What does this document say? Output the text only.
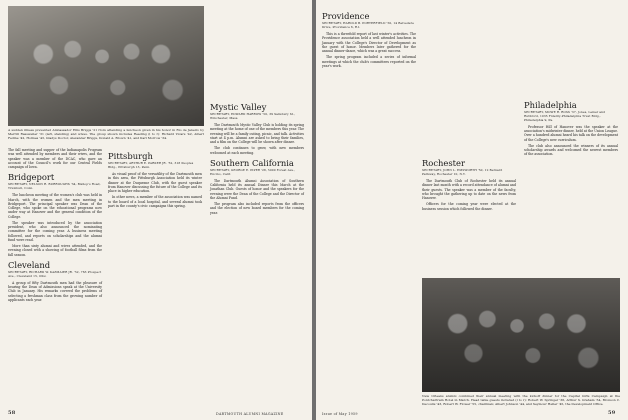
A sudden illness prevented Ambassador Ellis Briggs '21 from attending a luncheon given in his honor in Rio de Janeiro by Merrill Rassweiler '31 (left, standing) and wives. The group shown includes Reading (l to r): Richard Vicars '42, Albert Fedine '42, Holmes '43, Gladys Doctor, Alexander Briggs, Donald A. Brown '41, and Karl Morrow '34.

The fall meeting and supper of the Indianapolis Program was well attended by members and their wives, and the speaker was a member of the DCAC, who gave an account of the Council's work for our Central Fields campaign of Iowa.

Bridgeport
SECRETARY, NELSON R. BURROUGHS '34, Bishop's Road, Trumbull, Conn.

The luncheon meeting of the women's club was held in March, with the women and the men meeting in Bridgeport. The principal speaker was Dean of the College, who spoke on the educational programs now under way at Hanover and the general condition of the College.

The speaker was introduced by the association president, who also announced the nominating committee for the coming year. A business meeting followed, and reports on scholarships and the alumni fund were read.

More than sixty alumni and wives attended, and the evening closed with a showing of football films from the fall season.

Cleveland
SECRETARY, RICHARD W. KAZMAIER JR. '52, 763 Prospect Ave., Cleveland 15, Ohio

A group of fifty Dartmouth men had the pleasure of hearing the Dean of Admissions speak at the University Club in January. His remarks covered the problems of selecting a freshman class from the growing number of applicants each year.

Pittsburgh
SECRETARY, ARTHUR E. PARKER JR. '52, 318 Peoples Bldg., Pittsburgh 13, Penn.

As visual proof of the versatility of the Dartmouth men in this area, the Pittsburgh Association held its winter dinner at the Duquesne Club, with the guest speaker from Hanover discussing the future of the College and its place in higher education.

In other news, a member of the association was named to the board of a local hospital, and several alumni took part in the county's civic campaigns this spring.

Mystic Valley
SECRETARY, EDWARD HARROW '50, 39 Salisbury St., Winchester, Mass.

The Dartmouth Mystic Valley Club is holding its spring meeting at the home of one of the members this year. The evening will be a family outing, picnic, and talk. Activities start at 4 p.m. Alumni are asked to bring their families, and a film on the College will be shown after dinner.

The club continues to grow, with new members welcomed at each meeting.

Southern California
SECRETARY, GEORGE E. PIPER '28, 5000 Forest Ave., Encino, Calif.

The Dartmouth Alumni Association of Southern California held its annual Dinner this March at the Jonathan Club. Guests of honor and the speakers for the evening were the Dean of the College and the Director of the Alumni Fund.

The program also included reports from the officers and the election of new board members for the coming year.

58	DARTMOUTH ALUMNI MAGAZINE
Providence
SECRETARY, HAROLD B. PORTERFIELD '50, 14 Belvedere Drive, Providence 6, R.I.

This is a threefold report of last winter's activities. The Providence association held a well attended luncheon in January with the College's Director of Development as the guest of honor. Members later gathered for the annual dinner-dance, which was a great success.

The spring program included a series of informal meetings at which the club's committees reported on the year's work.

Rochester
SECRETARY, JOHN L. EMSWORTH '50, 12 Bernard Parkway, Rochester 10, N.Y.

The Dartmouth Club of Rochester held its annual dinner last month with a record attendance of alumni and their guests. The speaker was a member of the faculty, who brought the gathering up to date on the news from Hanover.

Officers for the coming year were elected at the business session which followed the dinner.

Philadelphia
SECRETARY, MOWE R. ROSS '37, Jones, Lemer and Ruthford, 1035 Fidelity-Philadelphia Trust Bldg., Philadelphia 9, Pa.

Professor Hill of Hanover was the speaker at the association's midwinter dinner, held at the Union League. Over a hundred alumni heard his talk on the development of the College's new curriculum.

The club also announced the winners of its annual scholarship awards and welcomed the newest members of the association.

New Orleans alumni combined their annual meeting with the kickoff dinner for the Capital Gifts Campaign at the Pontchartrain Hotel in March. Head table guests included (l to r): Robert W. Springer '36, Arthur S. Graham '34, Bronson C. Decoulis '43, Robert W. Flower '55, chairman; Albert Johnson '44, and Seymour Heller '45, the Development Office.
Issue of May 1959	59
